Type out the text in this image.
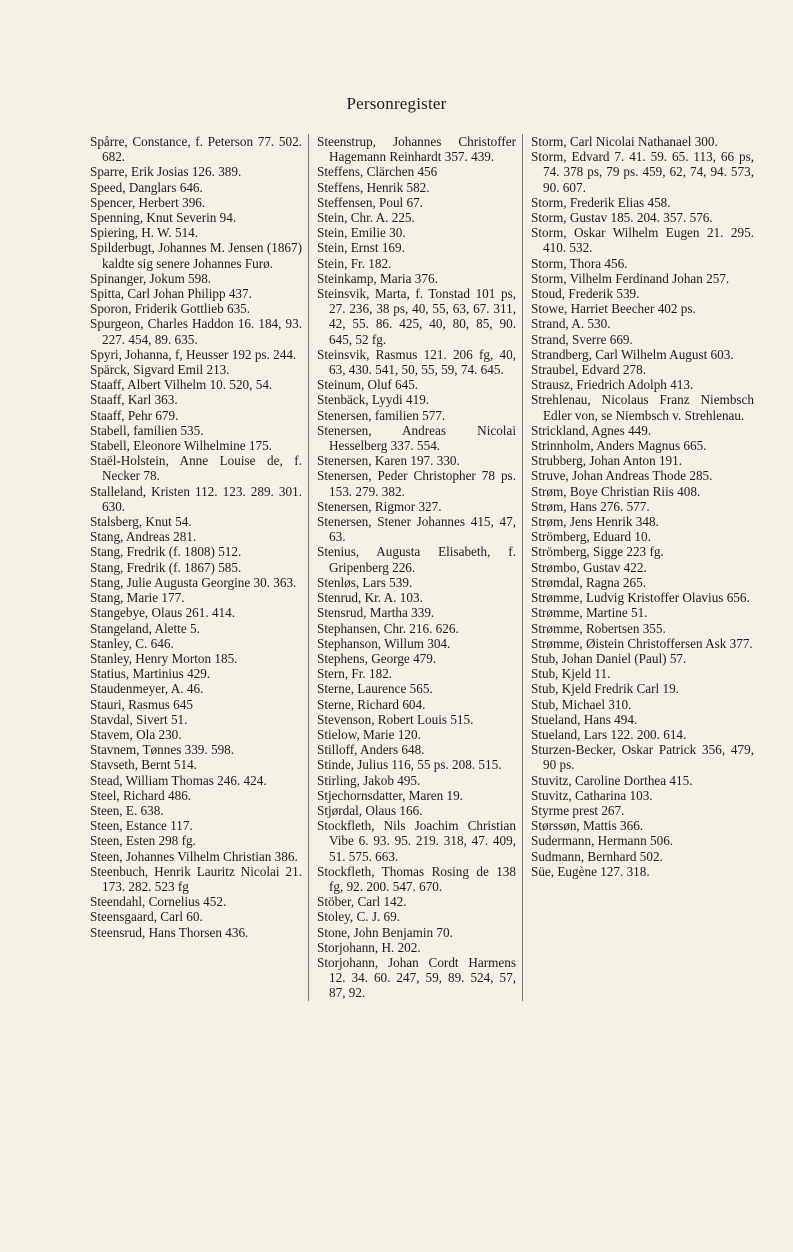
Personregister

Spårre, Constance, f. Peterson 77. 502. 682.

Sparre, Erik Josias 126. 389.

Speed, Danglars 646.

Spencer, Herbert 396.

Spenning, Knut Severin 94.

Spiering, H. W. 514.

Spilderbugt, Johannes M. Jensen (1867) kaldte sig senere Johannes Furø.

Spinanger, Jokum 598.

Spitta, Carl Johan Philipp 437.

Sporon, Friderik Gottlieb 635.

Spurgeon, Charles Haddon 16. 184, 93. 227. 454, 89. 635.

Spyri, Johanna, f, Heusser 192 ps. 244.

Spärck, Sigvard Emil 213.

Staaff, Albert Vilhelm 10. 520, 54.

Staaff, Karl 363.

Staaff, Pehr 679.

Stabell, familien 535.

Stabell, Eleonore Wilhelmine 175.

Staël-Holstein, Anne Louise de, f. Necker 78.

Stalleland, Kristen 112. 123. 289. 301. 630.

Stalsberg, Knut 54.

Stang, Andreas 281.

Stang, Fredrik (f. 1808) 512.

Stang, Fredrik (f. 1867) 585.

Stang, Julie Augusta Georgine 30. 363.

Stang, Marie 177.

Stangebye, Olaus 261. 414.

Stangeland, Alette 5.

Stanley, C. 646.

Stanley, Henry Morton 185.

Statius, Martinius 429.

Staudenmeyer, A. 46.

Stauri, Rasmus 645

Stavdal, Sivert 51.

Stavem, Ola 230.

Stavnem, Tønnes 339. 598.

Stavseth, Bernt 514.

Stead, William Thomas 246. 424.

Steel, Richard 486.

Steen, E. 638.

Steen, Estance 117.

Steen, Esten 298 fg.

Steen, Johannes Vilhelm Christian 386.

Steenbuch, Henrik Lauritz Nicolai 21. 173. 282. 523 fg

Steendahl, Cornelius 452.

Steensgaard, Carl 60.

Steensrud, Hans Thorsen 436.

Steenstrup, Johannes Christoffer Hagemann Reinhardt 357. 439.

Steffens, Clärchen 456

Steffens, Henrik 582.

Steffensen, Poul 67.

Stein, Chr. A. 225.

Stein, Emilie 30.

Stein, Ernst 169.

Stein, Fr. 182.

Steinkamp, Maria 376.

Steinsvik, Marta, f. Tonstad 101 ps, 27. 236, 38 ps, 40, 55, 63, 67. 311, 42, 55. 86. 425, 40, 80, 85, 90. 645, 52 fg.

Steinsvik, Rasmus 121. 206 fg, 40, 63, 430. 541, 50, 55, 59, 74. 645.

Steinum, Oluf 645.

Stenbäck, Lyydi 419.

Stenersen, familien 577.

Stenersen, Andreas Nicolai Hesselberg 337. 554.

Stenersen, Karen 197. 330.

Stenersen, Peder Christopher 78 ps. 153. 279. 382.

Stenersen, Rigmor 327.

Stenersen, Stener Johannes 415, 47, 63.

Stenius, Augusta Elisabeth, f. Gripenberg 226.

Stenløs, Lars 539.

Stenrud, Kr. A. 103.

Stensrud, Martha 339.

Stephansen, Chr. 216. 626.

Stephanson, Willum 304.

Stephens, George 479.

Stern, Fr. 182.

Sterne, Laurence 565.

Sterne, Richard 604.

Stevenson, Robert Louis 515.

Stielow, Marie 120.

Stilloff, Anders 648.

Stinde, Julius 116, 55 ps. 208. 515.

Stirling, Jakob 495.

Stjechornsdatter, Maren 19.

Stjørdal, Olaus 166.

Stockfleth, Nils Joachim Christian Vibe 6. 93. 95. 219. 318, 47. 409, 51. 575. 663.

Stockfleth, Thomas Rosing de 138 fg, 92. 200. 547. 670.

Stöber, Carl 142.

Stoley, C. J. 69.

Stone, John Benjamin 70.

Storjohann, H. 202.

Storjohann, Johan Cordt Harmens 12. 34. 60. 247, 59, 89. 524, 57, 87, 92.

Storm, Carl Nicolai Nathanael 300.

Storm, Edvard 7. 41. 59. 65. 113, 66 ps, 74. 378 ps, 79 ps. 459, 62, 74, 94. 573, 90. 607.

Storm, Frederik Elias 458.

Storm, Gustav 185. 204. 357. 576.

Storm, Oskar Wilhelm Eugen 21. 295. 410. 532.

Storm, Thora 456.

Storm, Vilhelm Ferdinand Johan 257.

Stoud, Frederik 539.

Stowe, Harriet Beecher 402 ps.

Strand, A. 530.

Strand, Sverre 669.

Strandberg, Carl Wilhelm August 603.

Straubel, Edvard 278.

Strausz, Friedrich Adolph 413.

Strehlenau, Nicolaus Franz Niembsch Edler von, se Niembsch v. Strehlenau.

Strickland, Agnes 449.

Strinnholm, Anders Magnus 665.

Strubberg, Johan Anton 191.

Struve, Johan Andreas Thode 285.

Strøm, Boye Christian Riis 408.

Strøm, Hans 276. 577.

Strøm, Jens Henrik 348.

Strömberg, Eduard 10.

Strömberg, Sigge 223 fg.

Strømbo, Gustav 422.

Strømdal, Ragna 265.

Strømme, Ludvig Kristoffer Olavius 656.

Strømme, Martine 51.

Strømme, Robertsen 355.

Strømme, Øistein Christoffersen Ask 377.

Stub, Johan Daniel (Paul) 57.

Stub, Kjeld 11.

Stub, Kjeld Fredrik Carl 19.

Stub, Michael 310.

Stueland, Hans 494.

Stueland, Lars 122. 200. 614.

Sturzen-Becker, Oskar Patrick 356, 479, 90 ps.

Stuvitz, Caroline Dorthea 415.

Stuvitz, Catharina 103.

Styrme prest 267.

Størssøn, Mattis 366.

Sudermann, Hermann 506.

Sudmann, Bernhard 502.

Süe, Eugène 127. 318.
